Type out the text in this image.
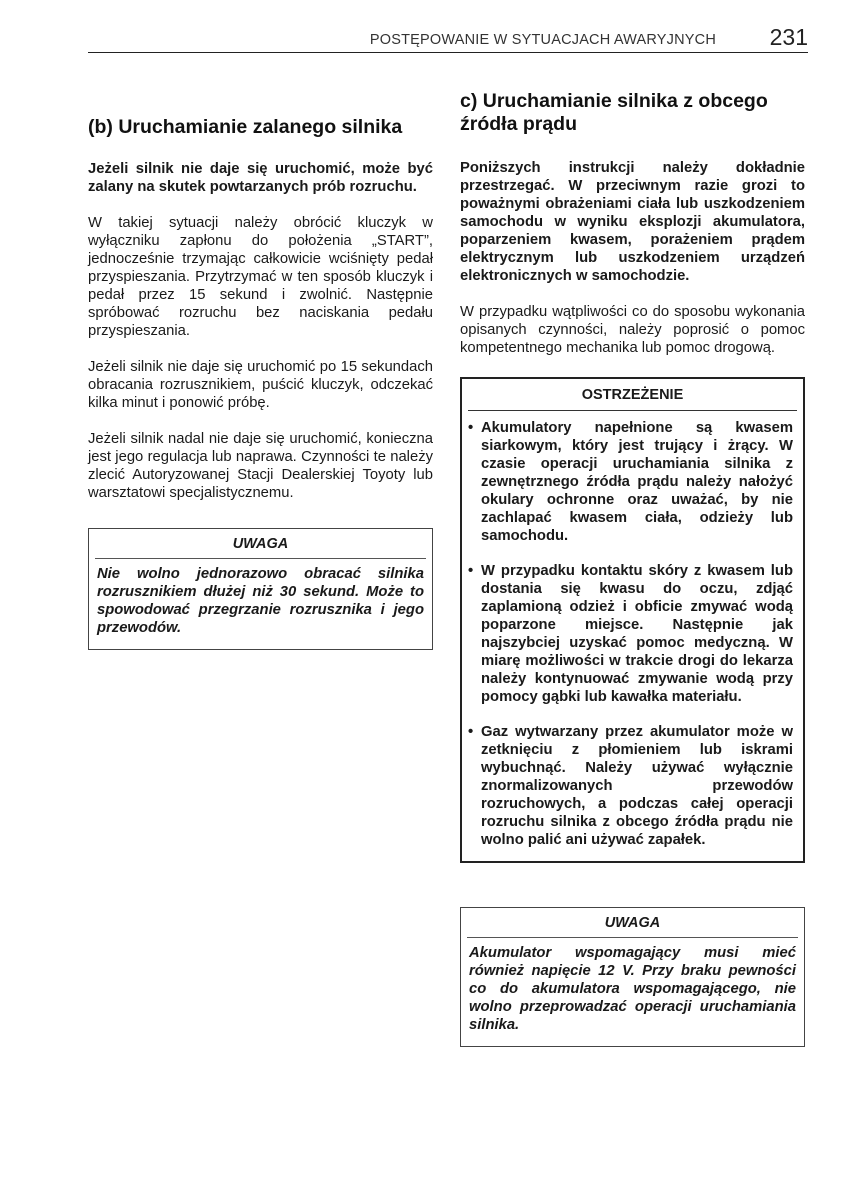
POSTĘPOWANIE W SYTUACJACH AWARYJNYCH 231
(b) Uruchamianie zalanego silnika

Jeżeli silnik nie daje się uruchomić, może być zalany na skutek powtarzanych prób rozruchu.

W takiej sytuacji należy obrócić kluczyk w wyłączniku zapłonu do położenia „START”, jednocześnie trzymając całkowicie wciśnięty pedał przyspieszania. Przytrzymać w ten sposób kluczyk i pedał przez 15 sekund i zwolnić. Następnie spróbować rozruchu bez naciskania pedału przyspieszania.

Jeżeli silnik nie daje się uruchomić po 15 sekundach obracania rozrusznikiem, puścić kluczyk, odczekać kilka minut i ponowić próbę.

Jeżeli silnik nadal nie daje się uruchomić, konieczna jest jego regulacja lub naprawa. Czynności te należy zlecić Autoryzowanej Stacji Dealerskiej Toyoty lub warsztatowi specjalistycznemu.

UWAGA
Nie wolno jednorazowo obracać silnika rozrusznikiem dłużej niż 30 sekund. Może to spowodować przegrzanie rozrusznika i jego przewodów.
c) Uruchamianie silnika z obcego źródła prądu

Poniższych instrukcji należy dokładnie przestrzegać. W przeciwnym razie grozi to poważnymi obrażeniami ciała lub uszkodzeniem samochodu w wyniku eksplozji akumulatora, poparzeniem kwasem, porażeniem prądem elektrycznym lub uszkodzeniem urządzeń elektronicznych w samochodzie.

W przypadku wątpliwości co do sposobu wykonania opisanych czynności, należy poprosić o pomoc kompetentnego mechanika lub pomoc drogową.

OSTRZEŻENIE
• Akumulatory napełnione są kwasem siarkowym, który jest trujący i żrący. W czasie operacji uruchamiania silnika z zewnętrznego źródła prądu należy nałożyć okulary ochronne oraz uważać, by nie zachlapać kwasem ciała, odzieży lub samochodu.
• W przypadku kontaktu skóry z kwasem lub dostania się kwasu do oczu, zdjąć zaplamioną odzież i obficie zmywać wodą poparzone miejsce. Następnie jak najszybciej uzyskać pomoc medyczną. W miarę możliwości w trakcie drogi do lekarza należy kontynuować zmywanie wodą przy pomocy gąbki lub kawałka materiału.
• Gaz wytwarzany przez akumulator może w zetknięciu z płomieniem lub iskrami wybuchnąć. Należy używać wyłącznie znormalizowanych przewodów rozruchowych, a podczas całej operacji rozruchu silnika z obcego źródła prądu nie wolno palić ani używać zapałek.
UWAGA
Akumulator wspomagający musi mieć również napięcie 12 V. Przy braku pewności co do akumulatora wspomagającego, nie wolno przeprowadzać operacji uruchamiania silnika.
